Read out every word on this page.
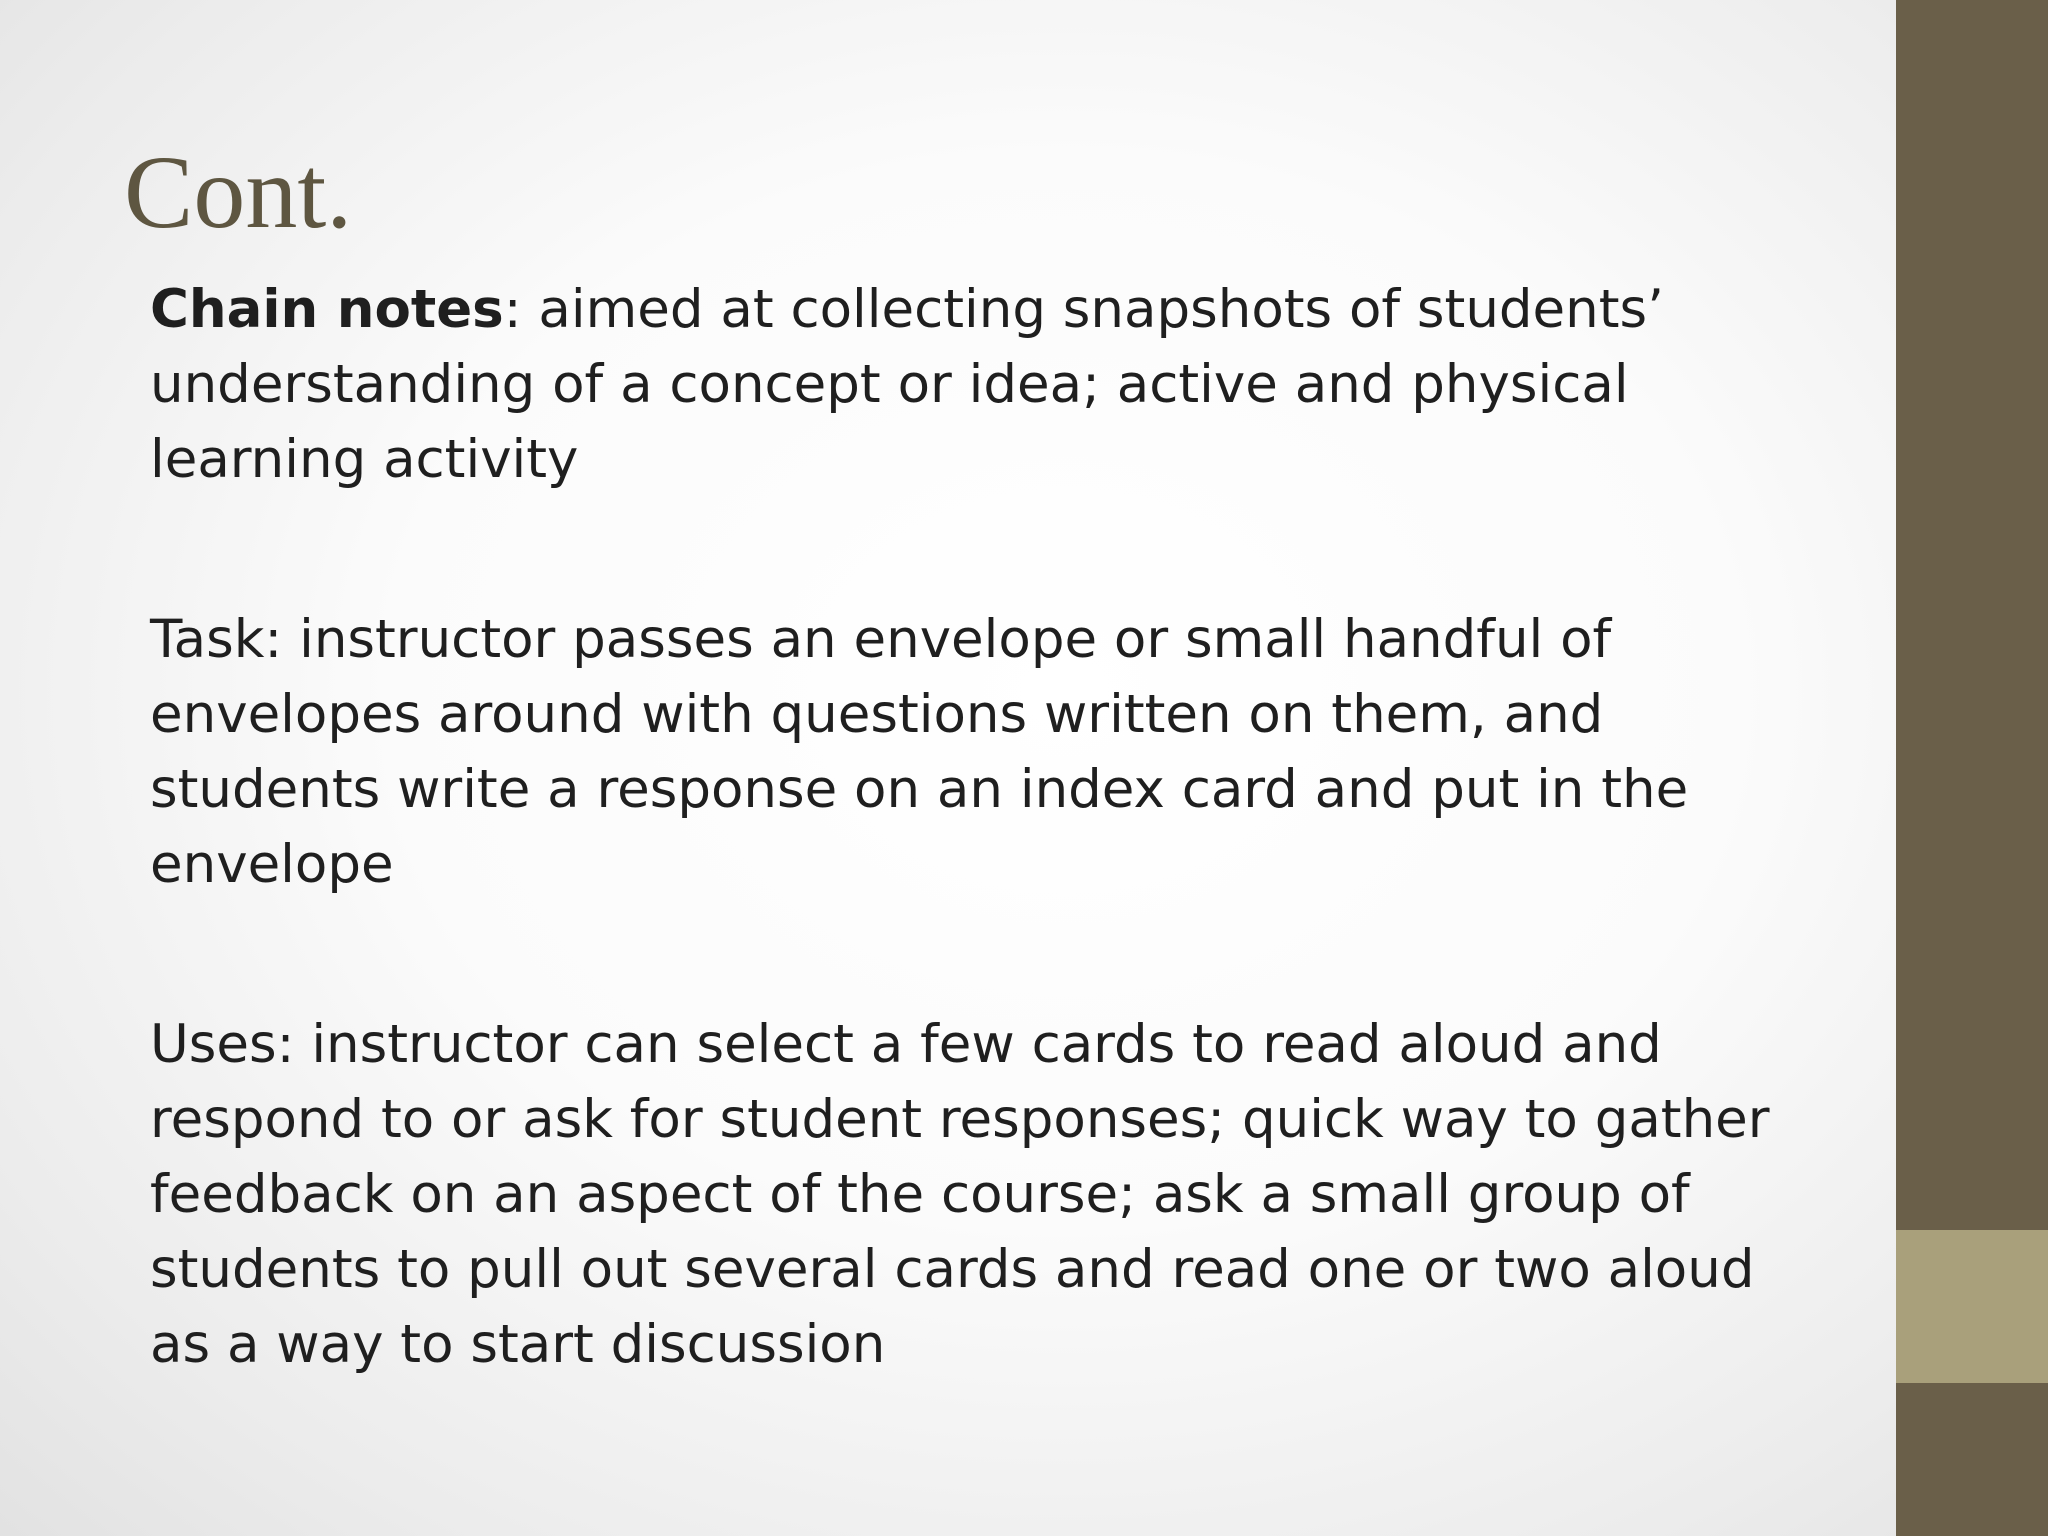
Cont.

Chain notes: aimed at collecting snapshots of students’ understanding of a concept or idea; active and physical learning activity

Task: instructor passes an envelope or small handful of envelopes around with questions written on them, and students write a response on an index card and put in the envelope

Uses: instructor can select a few cards to read aloud and respond to or ask for student responses; quick way to gather feedback on an aspect of the course; ask a small group of students to pull out several cards and read one or two aloud as a way to start discussion
